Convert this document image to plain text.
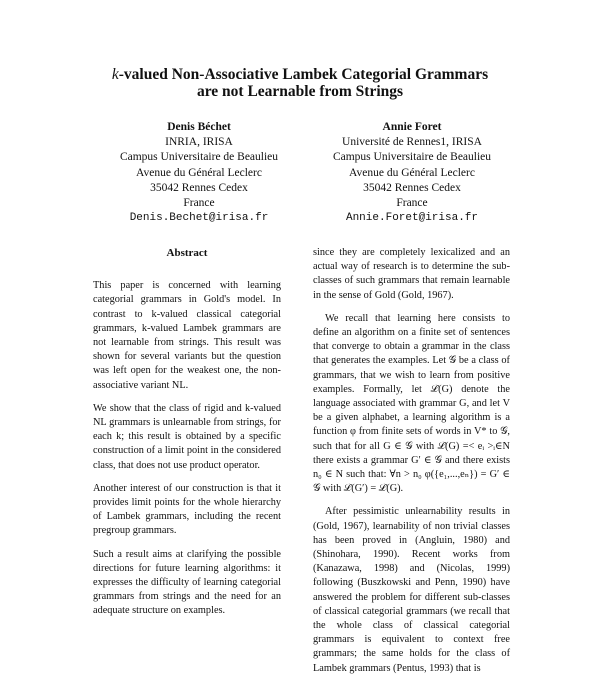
k-valued Non-Associative Lambek Categorial Grammars
are not Learnable from Strings
Denis Béchet
INRIA, IRISA
Campus Universitaire de Beaulieu
Avenue du Général Leclerc
35042 Rennes Cedex
France
Denis.Bechet@irisa.fr
Annie Foret
Université de Rennes1, IRISA
Campus Universitaire de Beaulieu
Avenue du Général Leclerc
35042 Rennes Cedex
France
Annie.Foret@irisa.fr
Abstract

This paper is concerned with learning categorial grammars in Gold's model. In contrast to k-valued classical categorial grammars, k-valued Lambek grammars are not learnable from strings. This result was shown for several variants but the question was left open for the weakest one, the non-associative variant NL.

We show that the class of rigid and k-valued NL grammars is unlearnable from strings, for each k; this result is obtained by a specific construction of a limit point in the considered class, that does not use product operator.

Another interest of our construction is that it provides limit points for the whole hierarchy of Lambek grammars, including the recent pregroup grammars.

Such a result aims at clarifying the possible directions for future learning algorithms: it expresses the difficulty of learning categorial grammars from strings and the need for an adequate structure on examples.

since they are completely lexicalized and an actual way of research is to determine the sub-classes of such grammars that remain learnable in the sense of Gold (Gold, 1967).

We recall that learning here consists to define an algorithm on a finite set of sentences that converge to obtain a grammar in the class that generates the examples. Let 𝒢 be a class of grammars, that we wish to learn from positive examples. Formally, let ℒ(G) denote the language associated with grammar G, and let V be a given alphabet, a learning algorithm is a function φ from finite sets of words in V* to 𝒢, such that for all G ∈ 𝒢 with ℒ(G) =< eᵢ >ᵢ∈N there exists a grammar G′ ∈ 𝒢 and there exists n₀ ∈ N such that: ∀n > n₀ φ({e₁,...,eₙ}) = G′ ∈ 𝒢 with ℒ(G′) = ℒ(G).

After pessimistic unlearnability results in (Gold, 1967), learnability of non trivial classes has been proved in (Angluin, 1980) and (Shinohara, 1990). Recent works from (Kanazawa, 1998) and (Nicolas, 1999) following (Buszkowski and Penn, 1990) have answered the problem for different sub-classes of classical categorial grammars (we recall that the whole class of classical categorial grammars is equivalent to context free grammars; the same holds for the class of Lambek grammars (Pentus, 1993) that is
